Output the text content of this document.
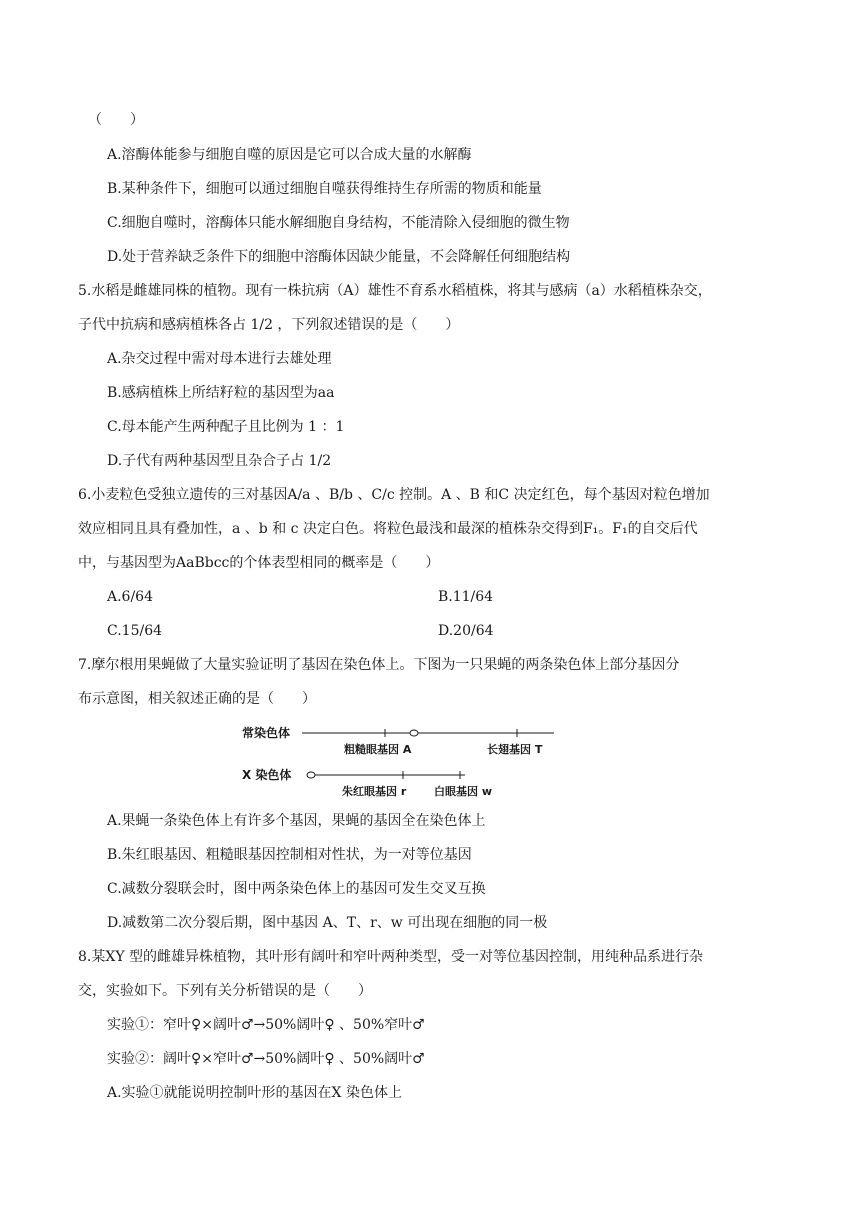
（　　）
A.溶酶体能参与细胞自噬的原因是它可以合成大量的水解酶
B.某种条件下，细胞可以通过细胞自噬获得维持生存所需的物质和能量
C.细胞自噬时，溶酶体只能水解细胞自身结构，不能清除入侵细胞的微生物
D.处于营养缺乏条件下的细胞中溶酶体因缺少能量，不会降解任何细胞结构
5.水稻是雌雄同株的植物。现有一株抗病（A）雄性不育系水稻植株，将其与感病（a）水稻植株杂交，
子代中抗病和感病植株各占 1/2 ，下列叙述错误的是（　　）
A.杂交过程中需对母本进行去雄处理
B.感病植株上所结籽粒的基因型为aa
C.母本能产生两种配子且比例为 1 ：1
D.子代有两种基因型且杂合子占 1/2
6.小麦粒色受独立遗传的三对基因A/a 、B/b 、C/c 控制。A 、B 和C 决定红色，每个基因对粒色增加
效应相同且具有叠加性，a 、b 和 c 决定白色。将粒色最浅和最深的植株杂交得到F₁。F₁的自交后代
中，与基因型为AaBbcc的个体表型相同的概率是（　　）
A.6/64	B.11/64
C.15/64	D.20/64
7.摩尔根用果蝇做了大量实验证明了基因在染色体上。下图为一只果蝇的两条染色体上部分基因分
布示意图，相关叙述正确的是（　　）
常染色体
粗糙眼基因 A	长翅基因 T
X 染色体
朱红眼基因 r	白眼基因 w
A.果蝇一条染色体上有许多个基因，果蝇的基因全在染色体上
B.朱红眼基因、粗糙眼基因控制相对性状，为一对等位基因
C.减数分裂联会时，图中两条染色体上的基因可发生交叉互换
D.减数第二次分裂后期，图中基因 A、T、r、w 可出现在细胞的同一极
8.某XY 型的雌雄异株植物，其叶形有阔叶和窄叶两种类型，受一对等位基因控制，用纯种品系进行杂
交，实验如下。下列有关分析错误的是（　　）
实验①：窄叶♀×阔叶♂→50%阔叶♀ 、50%窄叶♂
实验②：阔叶♀×窄叶♂→50%阔叶♀ 、50%阔叶♂
A.实验①就能说明控制叶形的基因在X 染色体上
